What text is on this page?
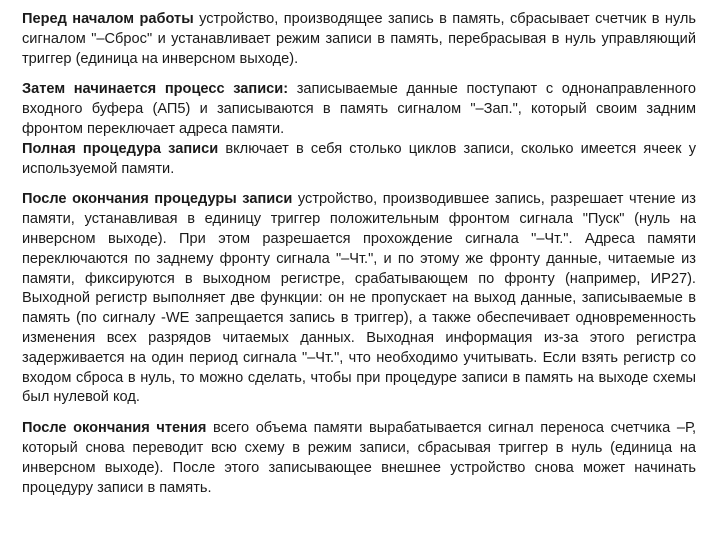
Перед началом работы устройство, производящее запись в память, сбрасывает счетчик в нуль сигналом "–Сброс" и устанавливает режим записи в память, перебрасывая в нуль управляющий триггер (единица на инверсном выходе).

Затем начинается процесс записи: записываемые данные поступают с однонаправленного входного буфера (АП5) и записываются в память сигналом "–Зап.", который своим задним фронтом переключает адреса памяти.

Полная процедура записи включает в себя столько циклов записи, сколько имеется ячеек у используемой памяти.

После окончания процедуры записи устройство, производившее запись, разрешает чтение из памяти, устанавливая в единицу триггер положительным фронтом сигнала "Пуск" (нуль на инверсном выходе). При этом разрешается прохождение сигнала "–Чт.". Адреса памяти переключаются по заднему фронту сигнала "–Чт.", и по этому же фронту данные, читаемые из памяти, фиксируются в выходном регистре, срабатывающем по фронту (например, ИР27). Выходной регистр выполняет две функции: он не пропускает на выход данные, записываемые в память (по сигналу -WE запрещается запись в триггер), а также обеспечивает одновременность изменения всех разрядов читаемых данных. Выходная информация из-за этого регистра задерживается на один период сигнала "–Чт.", что необходимо учитывать. Если взять регистр со входом сброса в нуль, то можно сделать, чтобы при процедуре записи в память на выходе схемы был нулевой код.

После окончания чтения всего объема памяти вырабатывается сигнал переноса счетчика –Р, который снова переводит всю схему в режим записи, сбрасывая триггер в нуль (единица на инверсном выходе). После этого записывающее внешнее устройство снова может начинать процедуру записи в память.
